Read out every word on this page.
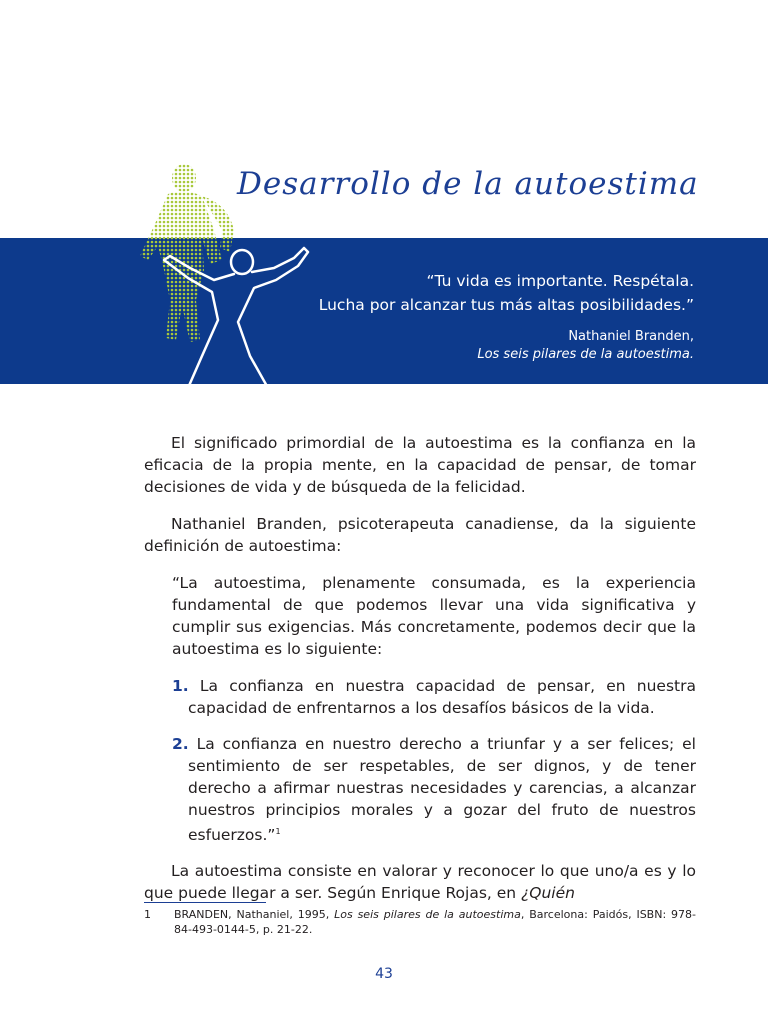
Desarrollo de la autoestima
“Tu vida es importante. Respétala.
Lucha por alcanzar tus más altas posibilidades.”
Nathaniel Branden,
Los seis pilares de la autoestima.

El significado primordial de la autoestima es la confianza en la eficacia de la propia mente, en la capacidad de pensar, de tomar decisiones de vida y de búsqueda de la felicidad.

Nathaniel Branden, psicoterapeuta canadiense, da la siguiente definición de autoestima:

“La autoestima, plenamente consumada, es la experiencia fundamental de que podemos llevar una vida significativa y cumplir sus exigencias. Más concretamente, podemos decir que la autoestima es lo siguiente:

1. La confianza en nuestra capacidad de pensar, en nuestra capacidad de enfrentarnos a los desafíos básicos de la vida.

2. La confianza en nuestro derecho a triunfar y a ser felices; el sentimiento de ser respetables, de ser dignos, y de tener derecho a afirmar nuestras necesidades y carencias, a alcanzar nuestros principios morales y a gozar del fruto de nuestros esfuerzos.”$^1$

La autoestima consiste en valorar y reconocer lo que uno/a es y lo que puede llegar a ser. Según Enrique Rojas, en ¿Quién

1 BRANDEN, Nathaniel, 1995, Los seis pilares de la autoestima, Barcelona: Paidós, ISBN: 978-84-493-0144-5, p. 21-22.
43
